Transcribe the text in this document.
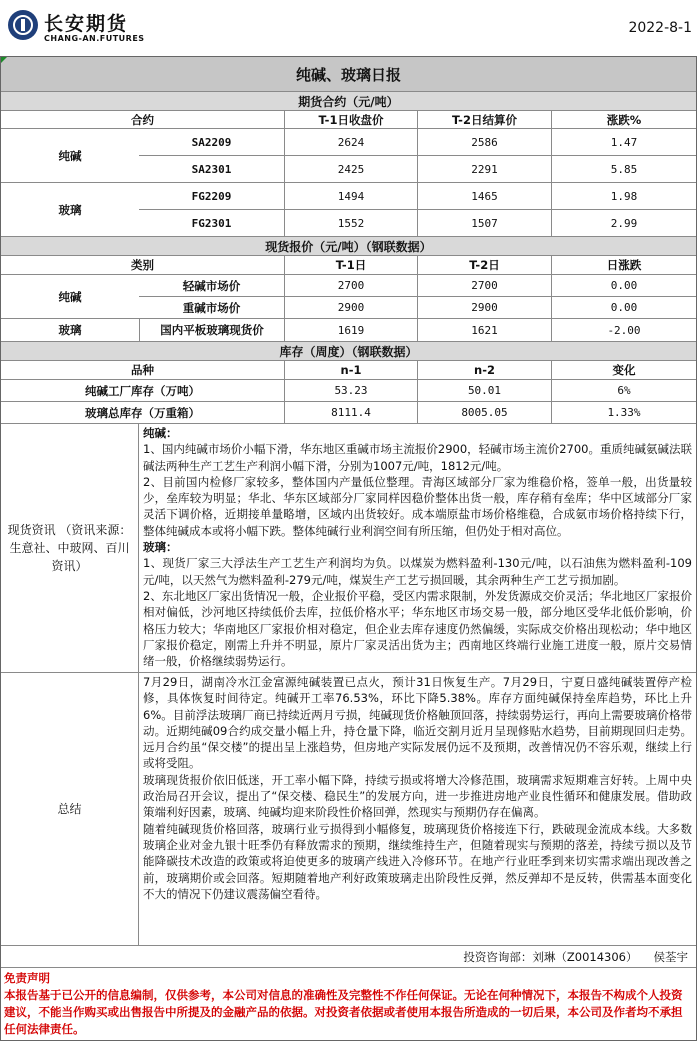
长安期货
CHANG-AN.FUTURES
2022-8-1
纯碱、玻璃日报
期货合约（元/吨）
合约	T-1日收盘价	T-2日结算价	涨跌%
纯碱
SA2209	2624	2586	1.47
SA2301	2425	2291	5.85
玻璃
FG2209	1494	1465	1.98
FG2301	1552	1507	2.99
现货报价（元/吨）（钢联数据）
类别	T-1日	T-2日	日涨跌
纯碱
轻碱市场价	2700	2700	0.00
重碱市场价	2900	2900	0.00
玻璃	国内平板玻璃现货价	1619	1621	-2.00
库存（周度）（钢联数据）
品种	n-1	n-2	变化
纯碱工厂库存（万吨）	53.23	50.01	6%
玻璃总库存（万重箱）	8111.4	8005.05	1.33%
现货资讯 （资讯来源：生意社、中玻网、百川资讯）

纯碱：

1、国内纯碱市场价小幅下滑，华东地区重碱市场主流报价2900，轻碱市场主流价2700。重质纯碱氨碱法联碱法两种生产工艺生产利润小幅下滑，分别为1007元/吨，1812元/吨。

2、目前国内检修厂家较多，整体国内产量低位整理。青海区域部分厂家为维稳价格，签单一般，出货量较少，垒库较为明显；华北、华东区域部分厂家同样因稳价整体出货一般，库存稍有垒库；华中区域部分厂家灵活下调价格，近期接单量略增，区域内出货较好。成本端原盐市场价格维稳，合成氨市场价格持续下行，整体纯碱成本或将小幅下跌。整体纯碱行业利润空间有所压缩，但仍处于相对高位。

玻璃：

1、现货厂家三大浮法生产工艺生产利润均为负。以煤炭为燃料盈利-130元/吨，以石油焦为燃料盈利-109元/吨，以天然气为燃料盈利-279元/吨，煤炭生产工艺亏损回暖，其余两种生产工艺亏损加剧。

2、东北地区厂家出货情况一般，企业报价平稳，受区内需求限制，外发货源成交价灵活；华北地区厂家报价相对偏低，沙河地区持续低价去库，拉低价格水平；华东地区市场交易一般，部分地区受华北低价影响，价格压力较大；华南地区厂家报价相对稳定，但企业去库存速度仍然偏缓，实际成交价格出现松动；华中地区厂家报价稳定，刚需上升并不明显，原片厂家灵活出货为主；西南地区终端行业施工进度一般，原片交易情绪一般，价格继续弱势运行。

总结

7月29日，湖南冷水江金富源纯碱装置已点火，预计31日恢复生产。7月29日，宁夏日盛纯碱装置停产检修，具体恢复时间待定。纯碱开工率76.53%，环比下降5.38%。库存方面纯碱保持垒库趋势，环比上升6%。目前浮法玻璃厂商已持续近两月亏损，纯碱现货价格触顶回落，持续弱势运行，再向上需要玻璃价格带动。近期纯碱09合约成交量小幅上升，持仓量下降，临近交割月近月呈现修贴水趋势，目前期现回归走势。远月合约虽“保交楼”的提出呈上涨趋势，但房地产实际发展仍远不及预期，改善情况仍不容乐观，继续上行或将受阻。

玻璃现货报价依旧低迷，开工率小幅下降，持续亏损或将增大冷修范围，玻璃需求短期难言好转。上周中央政治局召开会议，提出了“保交楼、稳民生”的发展方向，进一步推进房地产业良性循环和健康发展。借助政策端利好因素，玻璃、纯碱均迎来阶段性价格回弹，然现实与预期仍存在偏离。

随着纯碱现货价格回落，玻璃行业亏损得到小幅修复，玻璃现货价格接连下行，跌破现金流成本线。大多数玻璃企业对金九银十旺季仍有释放需求的预期，继续维持生产，但随着现实与预期的落差，持续亏损以及节能降碳技术改造的政策或将迫使更多的玻璃产线进入冷修环节。在地产行业旺季到来切实需求端出现改善之前，玻璃期价或会回落。短期随着地产利好政策玻璃走出阶段性反弹，然反弹却不是反转，供需基本面变化不大的情况下仍建议震荡偏空看待。

投资咨询部：刘琳（Z0014306） 侯荃宇
免责声明
本报告基于已公开的信息编制，仅供参考，本公司对信息的准确性及完整性不作任何保证。无论在何种情况下，本报告不构成个人投资建议，不能当作购买或出售报告中所提及的金融产品的依据。对投资者依据或者使用本报告所造成的一切后果，本公司及作者均不承担任何法律责任。
